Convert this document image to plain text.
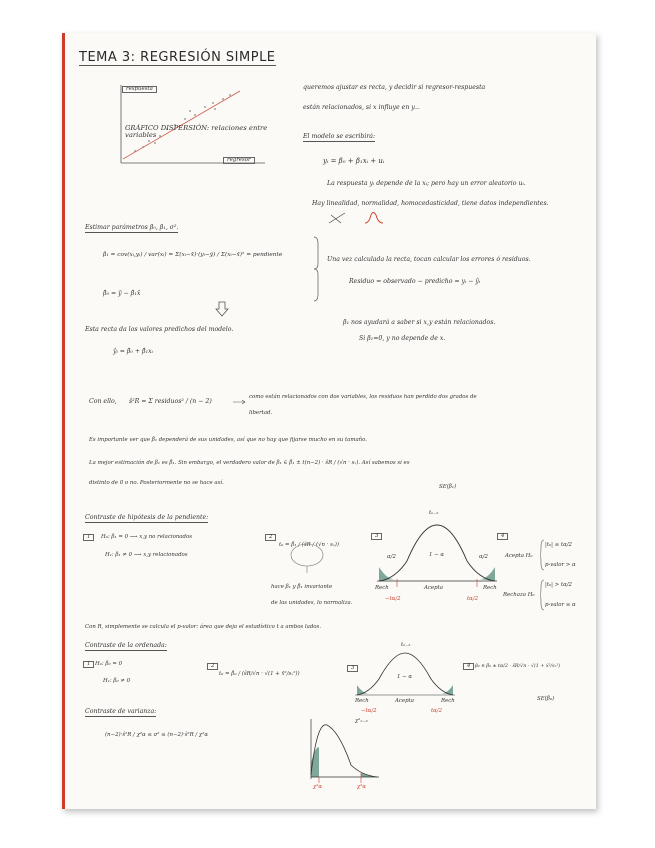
TEMA 3: REGRESIÓN SIMPLE
respuesta
GRÁFICO DISPERSIÓN: relaciones entre variables
regresor
queremos ajustar es recta, y decidir si regresor-respuesta
están relacionados, si x influye en y...
El modelo se escribirá:
yᵢ = β₀ + β₁xᵢ + uᵢ
La respuesta yᵢ depende de la xᵢ; pero hay un error aleatorio uᵢ.
Hay linealidad, normalidad, homocedasticidad, tiene datos independientes.
Estimar parámetros β₀, β₁, σ².
β̂₁ = cov(xᵢ,yᵢ) / var(xᵢ) = Σ(xᵢ−x̄)·(yᵢ−ȳ) / Σ(xᵢ−x̄)² = pendiente
β̂₀ = ȳ − β̂₁x̄
Una vez calculada la recta, tocan calcular los errores ó residuos.
Residuo = observado − predicho = yᵢ − ŷᵢ
Esta recta da los valores predichos del modelo.
ŷᵢ = β̂₀ + β̂₁xᵢ
β₁ nos ayudará a saber si x,y están relacionados.
Si β₁=0, y no depende de x.
Con ello, ŝ²R = Σ residuos² / (n − 2)
como están relacionados con dos variables, los residuos han perdido dos grados de
libertad.
Es importante ver que β̂₁ dependerá de sus unidades, así que no hay que fijarse mucho en su tamaño.
La mejor estimación de β₁ es β̂₁. Sin embargo, el verdadero valor de β₁ ∈ β̂₁ ± t(n−2) · ŝR / (√n · sₓ). Así sabemos si es
distinto de 0 o no. Posteriormente no se hace así.
SE(β̂₁)
Contraste de hipótesis de la pendiente:
1	H₀: β₁ = 0 ⟶ x,y no relacionados
H₁: β₁ ≠ 0 ⟶ x,y relacionados
2
t₀ = β̂₁ / (ŝR / (√n · sₓ))
hace β₁ y β̂₁ invariante
de las unidades, lo normaliza.
3
tₙ₋₂
α/2	α/2
1 − α
Rech	Acepta	Rech
−tα/2	tα/2
4
Acepta H₀
|t₀| ≤ tα/2
p-valor > α
Rechaza H₀
|t₀| > tα/2
p-valor ≤ α
Con R, simplemente se calcula el p-valor: área que deja el estadístico t a ambos lados.
Contraste de la ordenada:
1 H₀: β₀ = 0
H₁: β₀ ≠ 0
2
t₀ = β̂₀ / (ŝR/√n · √(1 + x̄²/sₓ²))
3
tₙ₋₂
1 − α
Rech	Acepta	Rech
−tα/2	tα/2
4 β₀ ∈ β̂₀ ± tα/2 · ŝR/√n · √(1 + x̄²/sₓ²)
SE(β̂₀)
Contraste de varianza:
(n−2)·ŝ²R / χ²α ≤ σ² ≤ (n−2)·ŝ²R / χ²α
χ²ₙ₋₂
χ²α	χ²α
